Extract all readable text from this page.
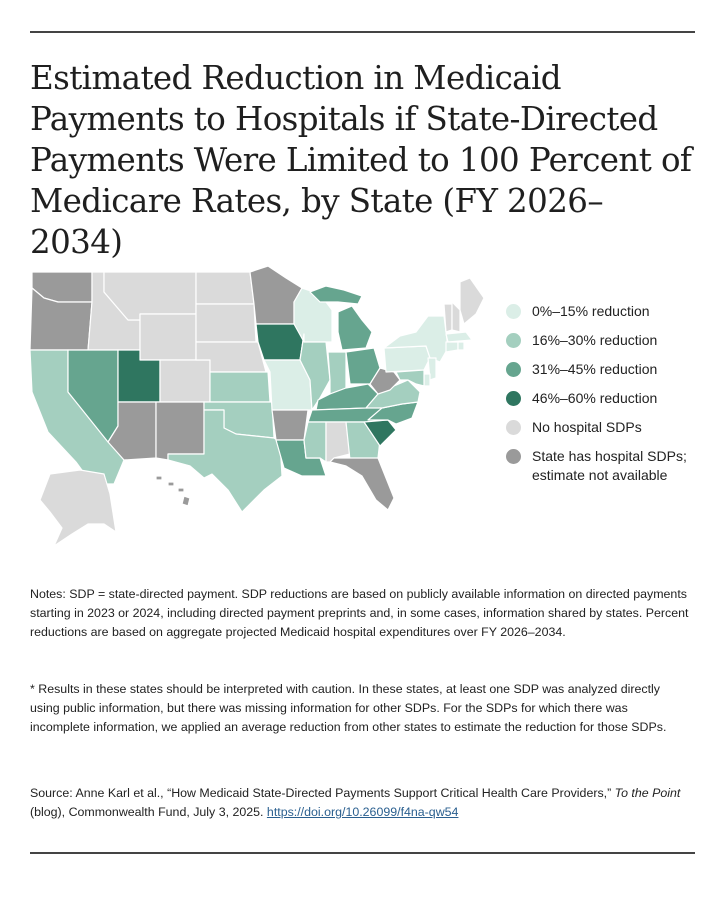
Estimated Reduction in Medicaid Payments to Hospitals if State-Directed Payments Were Limited to 100 Percent of Medicare Rates, by State (FY 2026–2034)
0%–15% reduction
16%–30% reduction
31%–45% reduction
46%–60% reduction
No hospital SDPs
State has hospital SDPs; estimate not available
Notes: SDP = state-directed payment. SDP reductions are based on publicly available information on directed payments starting in 2023 or 2024, including directed payment preprints and, in some cases, information shared by states. Percent reductions are based on aggregate projected Medicaid hospital expenditures over FY 2026–2034.
* Results in these states should be interpreted with caution. In these states, at least one SDP was analyzed directly using public information, but there was missing information for other SDPs. For the SDPs for which there was incomplete information, we applied an average reduction from other states to estimate the reduction for those SDPs.
Source: Anne Karl et al., “How Medicaid State-Directed Payments Support Critical Health Care Providers,” To the Point (blog), Commonwealth Fund, July 3, 2025. https://doi.org/10.26099/f4na-qw54
